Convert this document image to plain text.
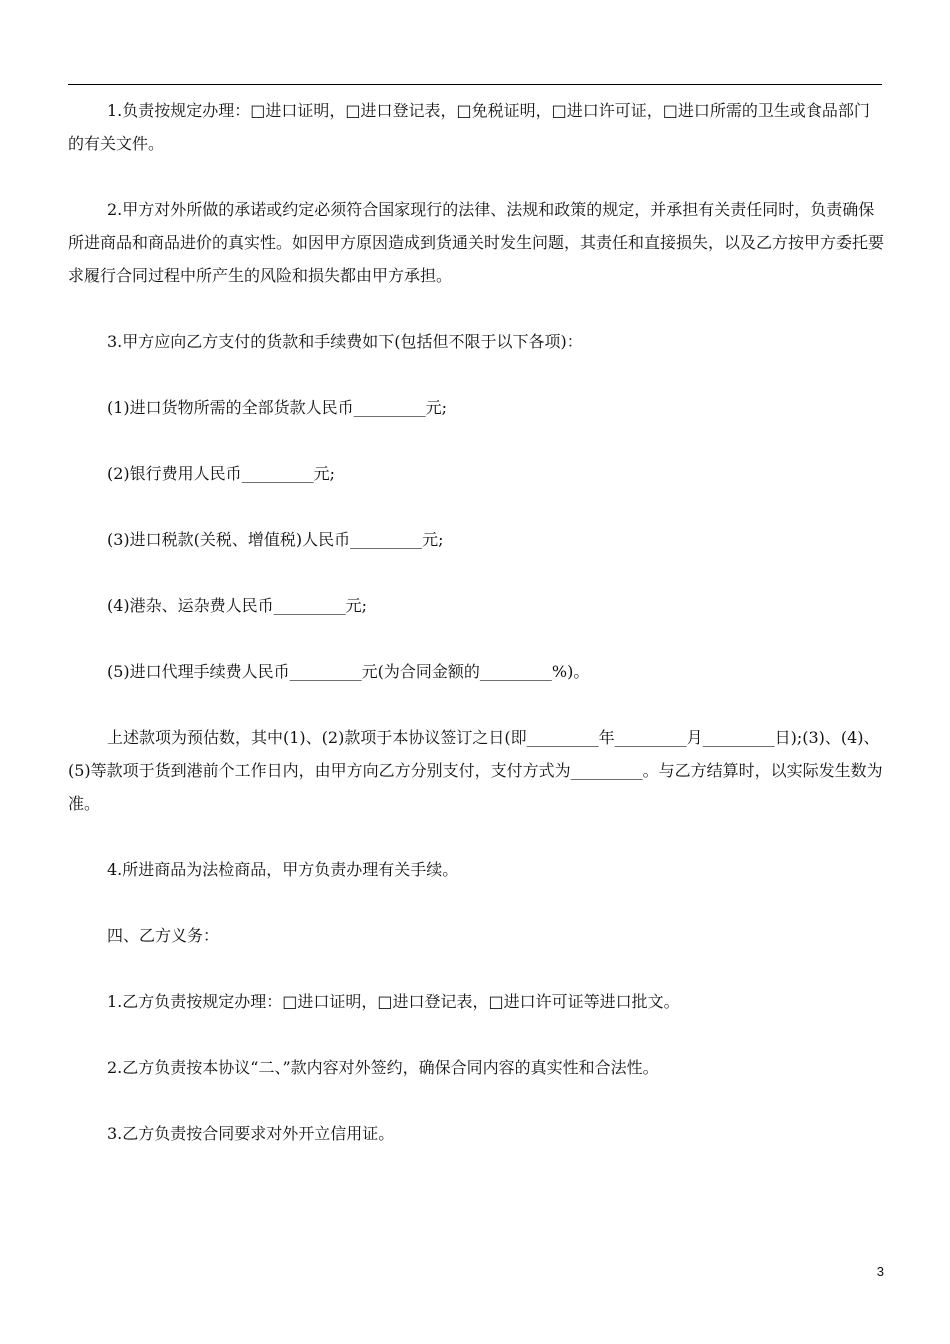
1.负责按规定办理：□进口证明，□进口登记表，□免税证明，□进口许可证，□进口所需的卫生或食品部门的有关文件。

2.甲方对外所做的承诺或约定必须符合国家现行的法律、法规和政策的规定，并承担有关责任同时，负责确保所进商品和商品进价的真实性。如因甲方原因造成到货通关时发生问题，其责任和直接损失，以及乙方按甲方委托要求履行合同过程中所产生的风险和损失都由甲方承担。

3.甲方应向乙方支付的货款和手续费如下(包括但不限于以下各项)：

(1)进口货物所需的全部货款人民币_________元;

(2)银行费用人民币_________元;

(3)进口税款(关税、增值税)人民币_________元;

(4)港杂、运杂费人民币_________元;

(5)进口代理手续费人民币_________元(为合同金额的_________%)。

上述款项为预估数，其中(1)、(2)款项于本协议签订之日(即_________年_________月_________日);(3)、(4)、(5)等款项于货到港前个工作日内，由甲方向乙方分别支付，支付方式为_________。与乙方结算时，以实际发生数为准。

4.所进商品为法检商品，甲方负责办理有关手续。

四、乙方义务：

1.乙方负责按规定办理：□进口证明，□进口登记表，□进口许可证等进口批文。

2.乙方负责按本协议“二、”款内容对外签约，确保合同内容的真实性和合法性。

3.乙方负责按合同要求对外开立信用证。

3
